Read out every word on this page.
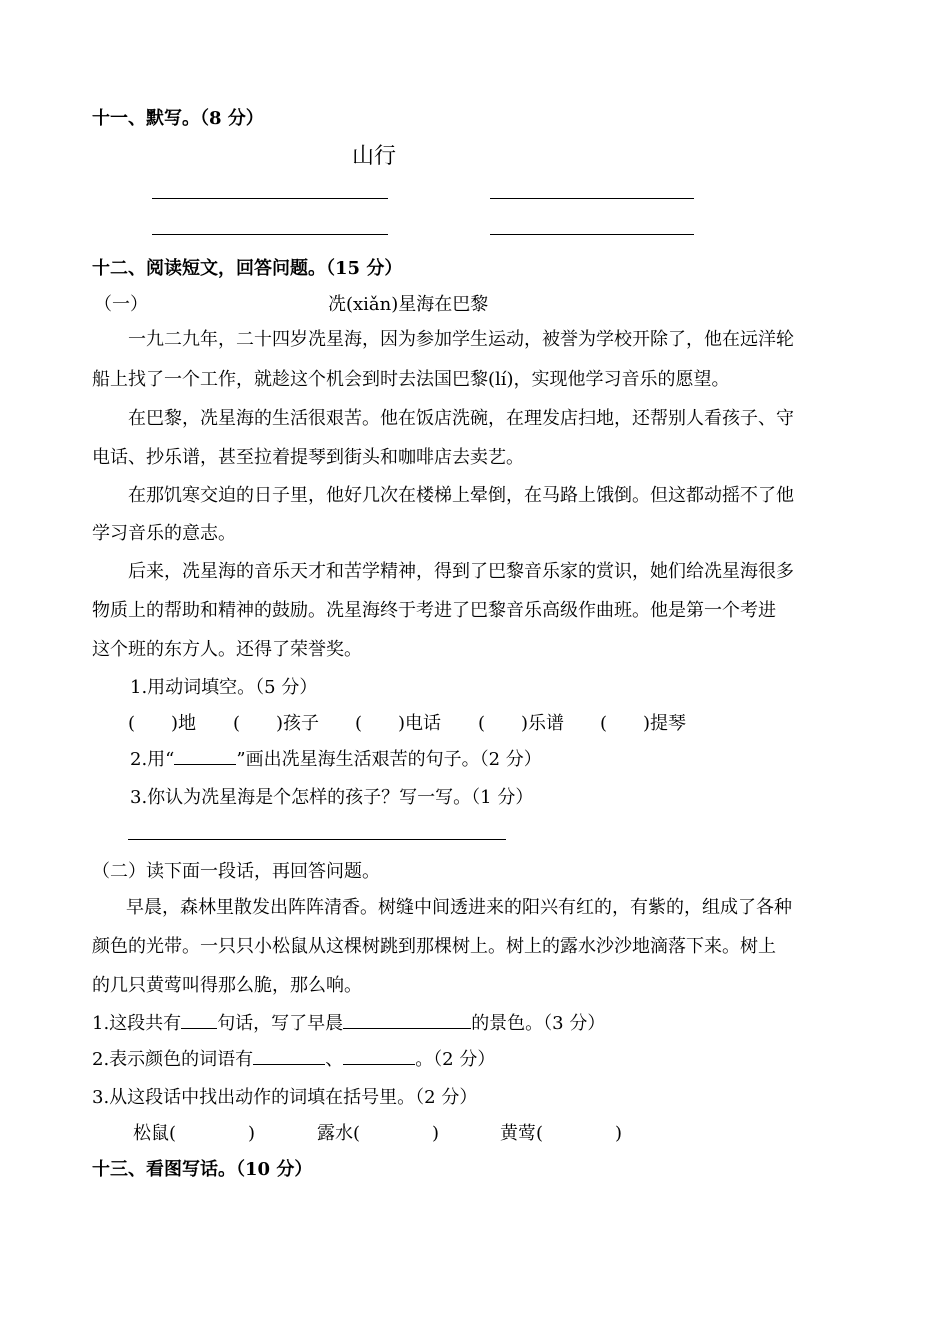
十一、默写。（8 分）
山行
十二、阅读短文，回答问题。（15 分）
（一）	冼(xiǎn)星海在巴黎
一九二九年，二十四岁冼星海，因为参加学生运动，被誉为学校开除了，他在远洋轮
船上找了一个工作，就趁这个机会到时去法国巴黎(lí)，实现他学习音乐的愿望。
在巴黎，冼星海的生活很艰苦。他在饭店洗碗，在理发店扫地，还帮别人看孩子、守
电话、抄乐谱，甚至拉着提琴到街头和咖啡店去卖艺。
在那饥寒交迫的日子里，他好几次在楼梯上晕倒，在马路上饿倒。但这都动摇不了他
学习音乐的意志。
后来，冼星海的音乐天才和苦学精神，得到了巴黎音乐家的赏识，她们给冼星海很多
物质上的帮助和精神的鼓励。冼星海终于考进了巴黎音乐高级作曲班。他是第一个考进
这个班的东方人。还得了荣誉奖。
1.用动词填空。（5 分）
(　　)地 (　　)孩子 (　　)电话 (　　)乐谱 (　　)提琴
2.用“	”画出冼星海生活艰苦的句子。（2 分）
3.你认为冼星海是个怎样的孩子？写一写。（1 分）
（二）读下面一段话，再回答问题。
早晨，森林里散发出阵阵清香。树缝中间透进来的阳兴有红的，有紫的，组成了各种
颜色的光带。一只只小松鼠从这棵树跳到那棵树上。树上的露水沙沙地滴落下来。树上
的几只黄莺叫得那么脆，那么响。
1.这段共有 句话，写了早晨	的景色。（3 分）
2.表示颜色的词语有	、	。（2 分）
3.从这段话中找出动作的词填在括号里。（2 分）
松鼠(　　　　)	露水(　　　　)	黄莺(　　　　)
十三、看图写话。（10 分）
